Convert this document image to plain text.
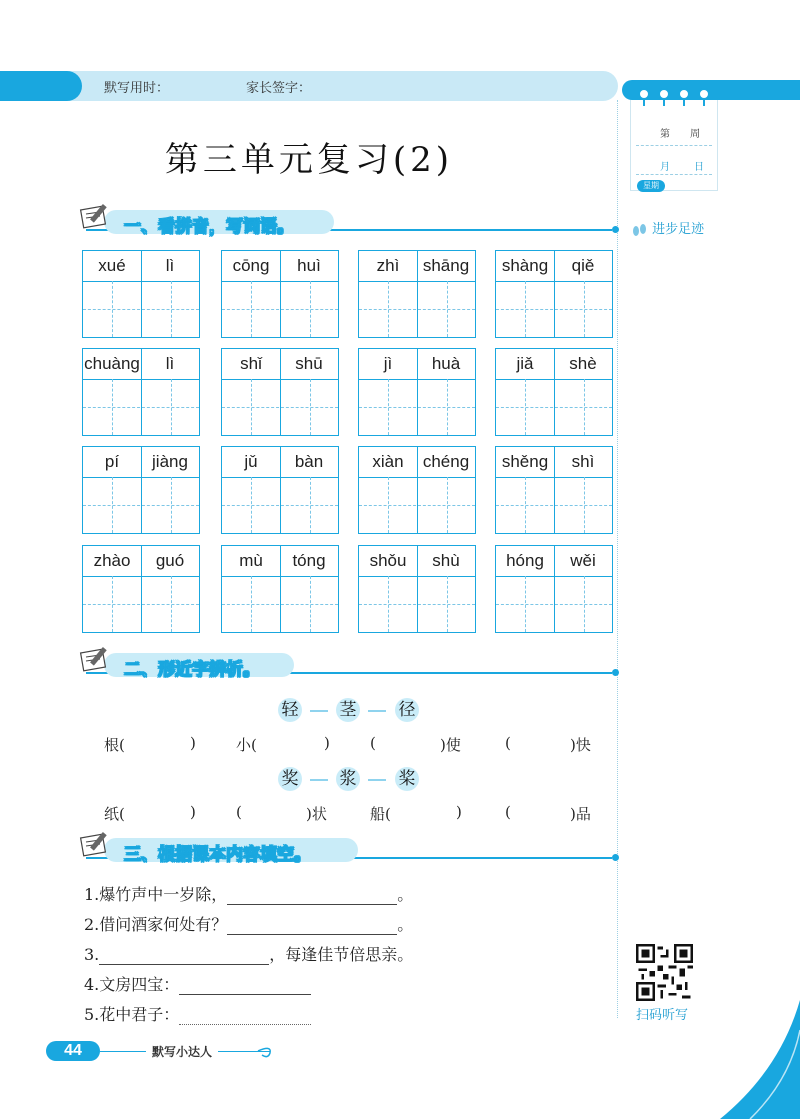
默写用时：	家长签字：
第 周
月 日
星期
进步足迹
第三单元复习(2)
一、看拼音，写词语。
xué	lì	cōng	huì	zhì	shāng	shàng	qiě
chuàng	lì	shǐ	shū	jì	huà	jiǎ	shè
pí	jiàng	jǔ	bàn	xiàn	chéng	shěng	shì
zhào	guó	mù	tóng	shǒu	shù	hóng	wěi
二、形近字辨析。
轻 茎 径
根(	)	小(	)	(	)使	(	)快
奖 浆 桨
纸(	)	(	)状	船(	)	(	)品
三、根据课本内容填空。
1.爆竹声中一岁除，	。
2.借问酒家何处有？	。
3.	，每逢佳节倍思亲。
4.文房四宝：
5.花中君子：	扫码听写
44	默写小达人
